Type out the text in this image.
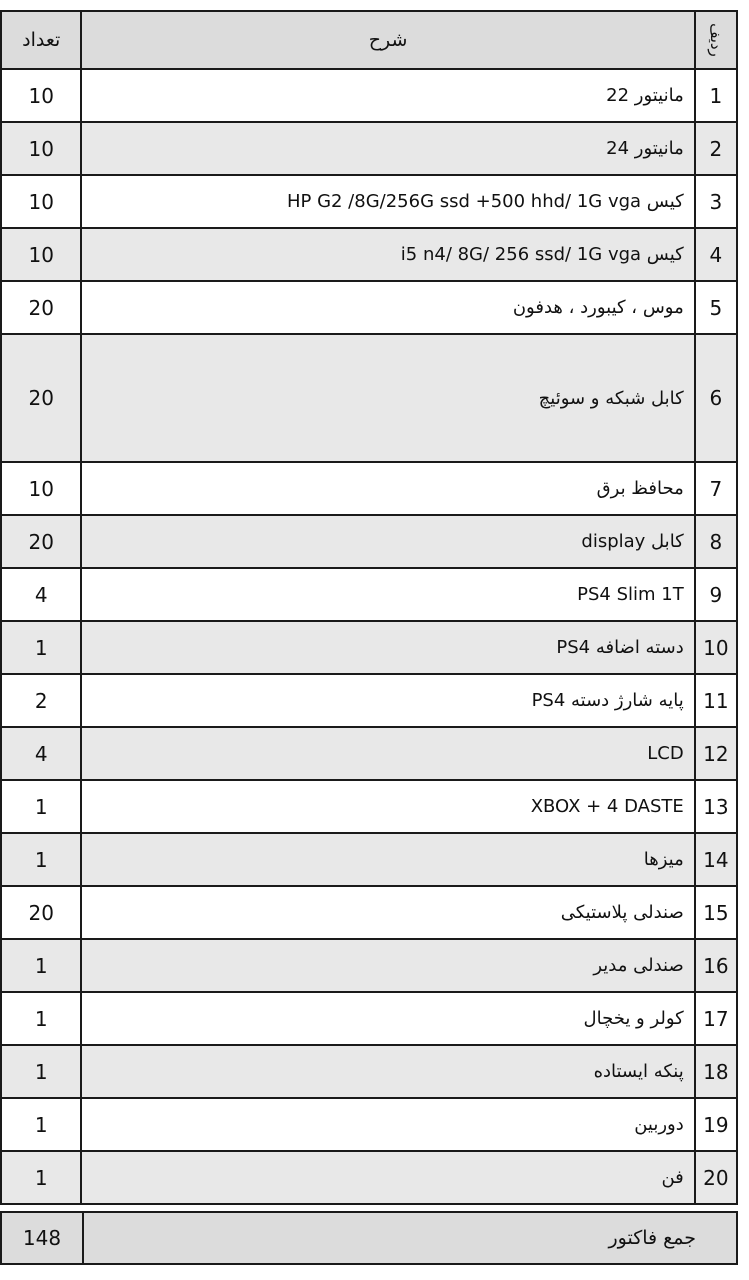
تعداد	شرح	ردیف
10	مانیتور 22	1
10	مانیتور 24	2
10	کیس HP G2 /8G/256G ssd +500 hhd/ 1G vga	3
10	کیس i5 n4/ 8G/ 256 ssd/ 1G vga	4
20	موس ، کیبورد ، هدفون	5
20	کابل شبکه و سوئیچ	6
10	محافظ برق	7
20	کابل display	8
4	PS4 Slim 1T	9
1	دسته اضافه PS4	10
2	پایه شارژ دسته PS4	11
4	LCD	12
1	XBOX + 4 DASTE	13
1	میزها	14
20	صندلی پلاستیکی	15
1	صندلی مدیر	16
1	کولر و یخچال	17
1	پنکه ایستاده	18
1	دوربین	19
1	فن	20
148	جمع فاکتور
